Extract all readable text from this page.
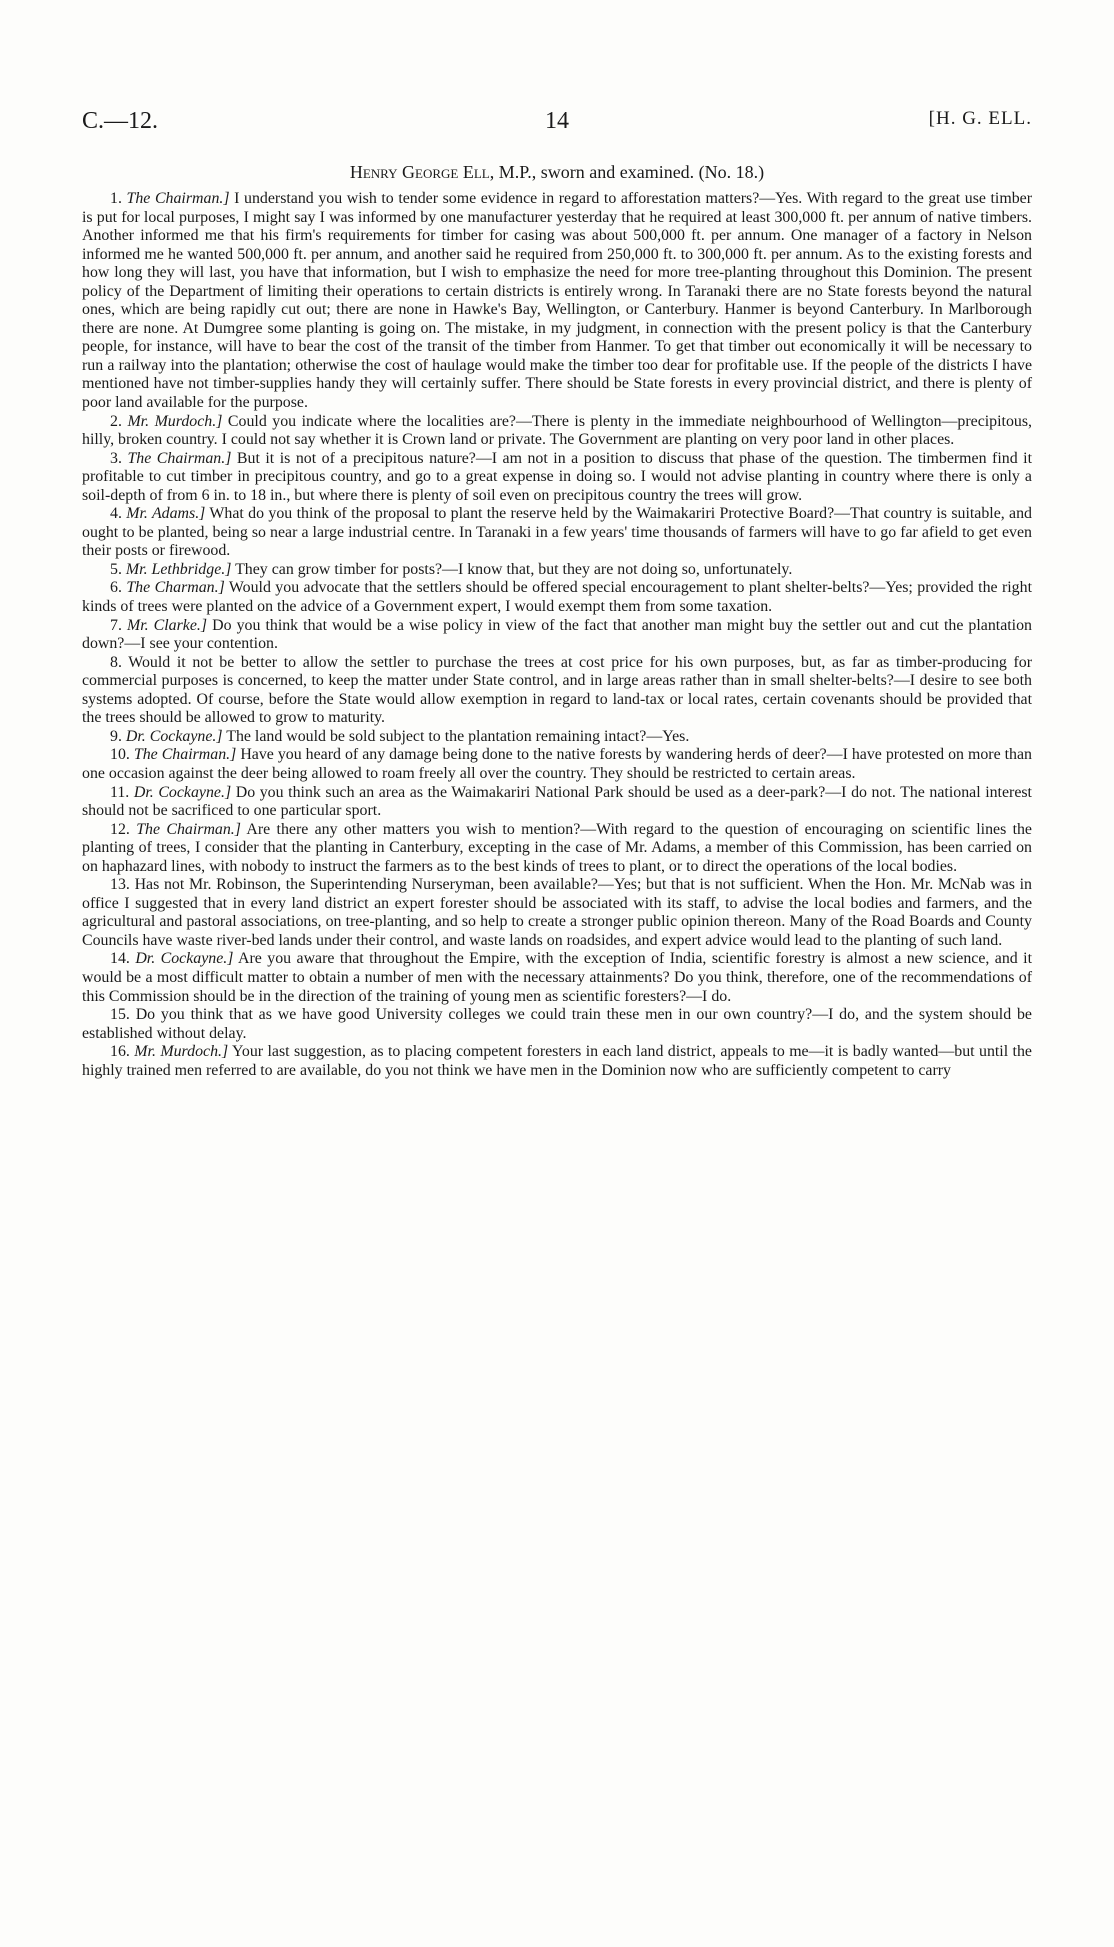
C.—12.	14	[H. G. ELL.
Henry George Ell, M.P., sworn and examined. (No. 18.)

1. The Chairman.] I understand you wish to tender some evidence in regard to afforestation matters?—Yes. With regard to the great use timber is put for local purposes, I might say I was informed by one manufacturer yesterday that he required at least 300,000 ft. per annum of native timbers. Another informed me that his firm's requirements for timber for casing was about 500,000 ft. per annum. One manager of a factory in Nelson informed me he wanted 500,000 ft. per annum, and another said he required from 250,000 ft. to 300,000 ft. per annum. As to the existing forests and how long they will last, you have that information, but I wish to emphasize the need for more tree-planting throughout this Dominion. The present policy of the Department of limiting their operations to certain districts is entirely wrong. In Taranaki there are no State forests beyond the natural ones, which are being rapidly cut out; there are none in Hawke's Bay, Wellington, or Canterbury. Hanmer is beyond Canterbury. In Marlborough there are none. At Dumgree some planting is going on. The mistake, in my judgment, in connection with the present policy is that the Canterbury people, for instance, will have to bear the cost of the transit of the timber from Hanmer. To get that timber out economically it will be necessary to run a railway into the plantation; otherwise the cost of haulage would make the timber too dear for profitable use. If the people of the districts I have mentioned have not timber-supplies handy they will certainly suffer. There should be State forests in every provincial district, and there is plenty of poor land available for the purpose.

2. Mr. Murdoch.] Could you indicate where the localities are?—There is plenty in the immediate neighbourhood of Wellington—precipitous, hilly, broken country. I could not say whether it is Crown land or private. The Government are planting on very poor land in other places.

3. The Chairman.] But it is not of a precipitous nature?—I am not in a position to discuss that phase of the question. The timbermen find it profitable to cut timber in precipitous country, and go to a great expense in doing so. I would not advise planting in country where there is only a soil-depth of from 6 in. to 18 in., but where there is plenty of soil even on precipitous country the trees will grow.

4. Mr. Adams.] What do you think of the proposal to plant the reserve held by the Waimakariri Protective Board?—That country is suitable, and ought to be planted, being so near a large industrial centre. In Taranaki in a few years' time thousands of farmers will have to go far afield to get even their posts or firewood.

5. Mr. Lethbridge.] They can grow timber for posts?—I know that, but they are not doing so, unfortunately.

6. The Charman.] Would you advocate that the settlers should be offered special encouragement to plant shelter-belts?—Yes; provided the right kinds of trees were planted on the advice of a Government expert, I would exempt them from some taxation.

7. Mr. Clarke.] Do you think that would be a wise policy in view of the fact that another man might buy the settler out and cut the plantation down?—I see your contention.

8. Would it not be better to allow the settler to purchase the trees at cost price for his own purposes, but, as far as timber-producing for commercial purposes is concerned, to keep the matter under State control, and in large areas rather than in small shelter-belts?—I desire to see both systems adopted. Of course, before the State would allow exemption in regard to land-tax or local rates, certain covenants should be provided that the trees should be allowed to grow to maturity.

9. Dr. Cockayne.] The land would be sold subject to the plantation remaining intact?—Yes.

10. The Chairman.] Have you heard of any damage being done to the native forests by wandering herds of deer?—I have protested on more than one occasion against the deer being allowed to roam freely all over the country. They should be restricted to certain areas.

11. Dr. Cockayne.] Do you think such an area as the Waimakariri National Park should be used as a deer-park?—I do not. The national interest should not be sacrificed to one particular sport.

12. The Chairman.] Are there any other matters you wish to mention?—With regard to the question of encouraging on scientific lines the planting of trees, I consider that the planting in Canterbury, excepting in the case of Mr. Adams, a member of this Commission, has been carried on on haphazard lines, with nobody to instruct the farmers as to the best kinds of trees to plant, or to direct the operations of the local bodies.

13. Has not Mr. Robinson, the Superintending Nurseryman, been available?—Yes; but that is not sufficient. When the Hon. Mr. McNab was in office I suggested that in every land district an expert forester should be associated with its staff, to advise the local bodies and farmers, and the agricultural and pastoral associations, on tree-planting, and so help to create a stronger public opinion thereon. Many of the Road Boards and County Councils have waste river-bed lands under their control, and waste lands on roadsides, and expert advice would lead to the planting of such land.

14. Dr. Cockayne.] Are you aware that throughout the Empire, with the exception of India, scientific forestry is almost a new science, and it would be a most difficult matter to obtain a number of men with the necessary attainments? Do you think, therefore, one of the recommendations of this Commission should be in the direction of the training of young men as scientific foresters?—I do.

15. Do you think that as we have good University colleges we could train these men in our own country?—I do, and the system should be established without delay.

16. Mr. Murdoch.] Your last suggestion, as to placing competent foresters in each land district, appeals to me—it is badly wanted—but until the highly trained men referred to are available, do you not think we have men in the Dominion now who are sufficiently competent to carry
